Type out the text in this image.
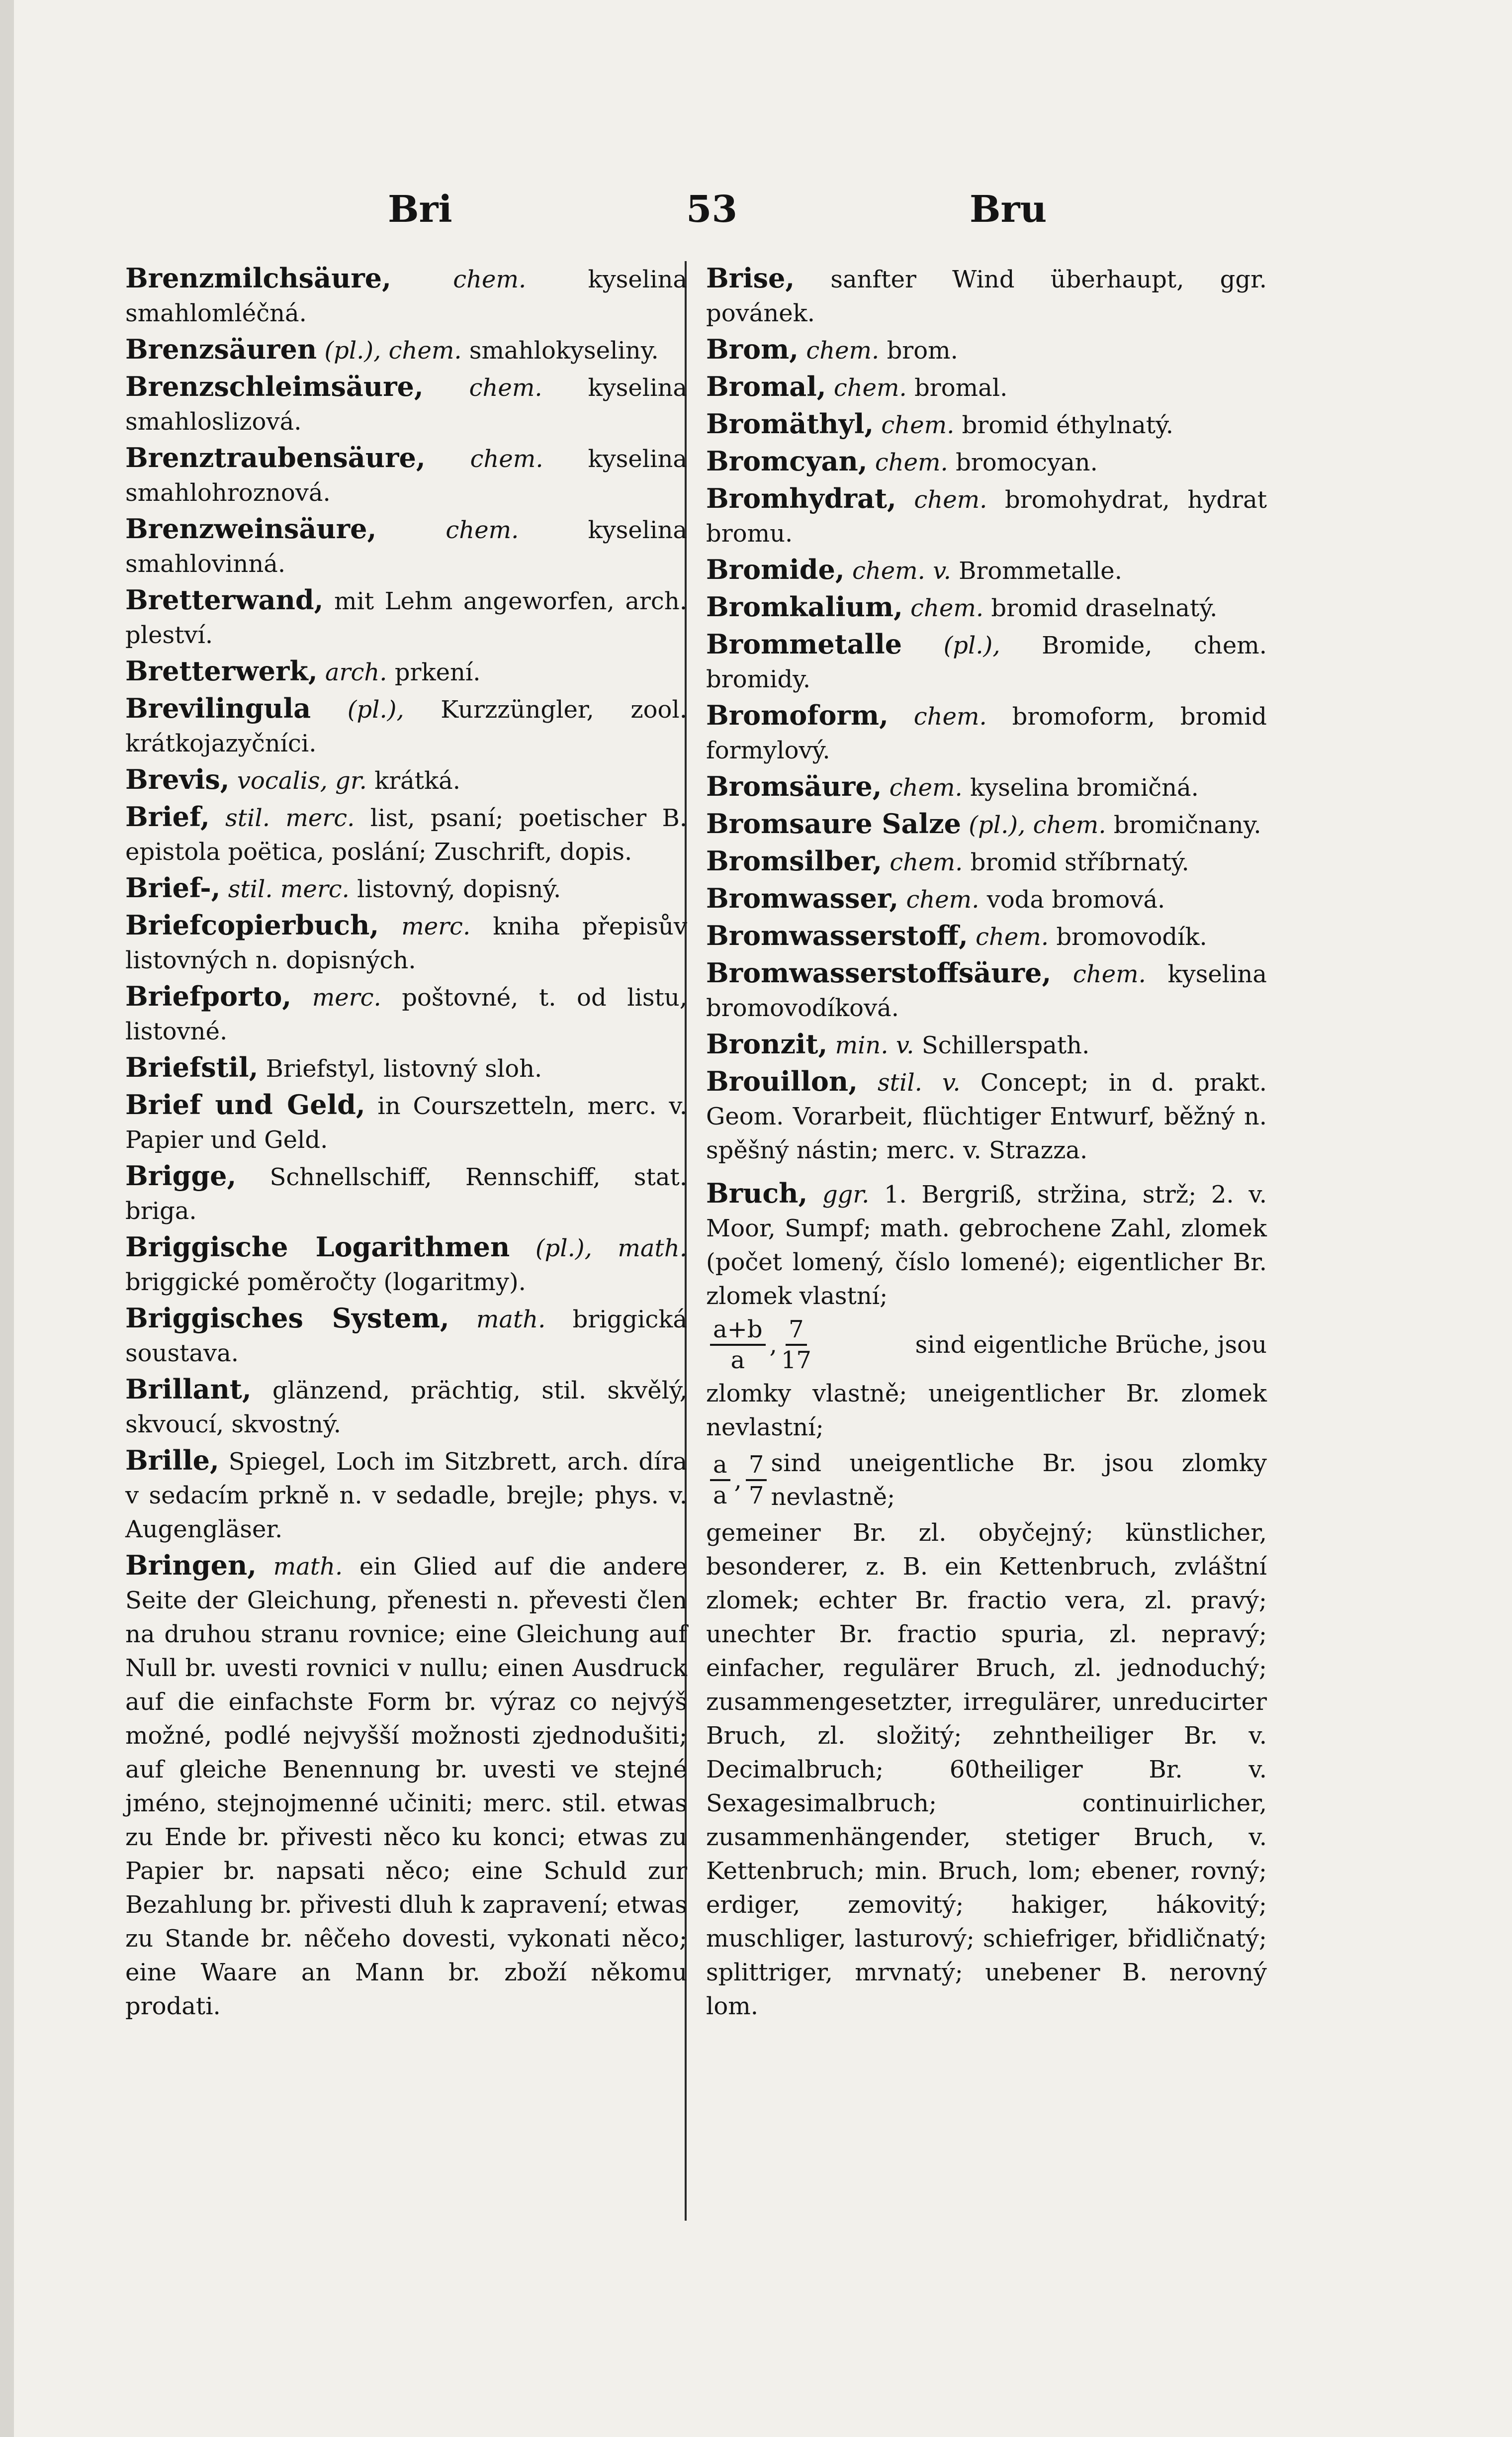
Bri	53	Bru
Brenzmilchsäure,	chem.	kyselina smahlomléčná.
Brenzsäuren (pl.), chem. smahlokyseliny.
Brenzschleimsäure, chem. kyselina smahloslizová.
Brenztraubensäure, chem. kyselina smahlohroznová.
Brenzweinsäure,	chem.	kyselina smahlovinná.
Bretterwand, mit Lehm angeworfen, arch. pleství.
Bretterwerk, arch. prkení.
Brevilingula (pl.), Kurzzüngler, zool. krátkojazyčníci.
Brevis, vocalis, gr. krátká.
Brief, stil. merc. list, psaní; poetischer B. epistola poëtica, poslání; Zuschrift, dopis.
Brief-, stil. merc. listovný, dopisný.
Briefcopierbuch, merc. kniha přepisův listovných n. dopisných.
Briefporto, merc. poštovné, t. od listu, listovné.
Briefstil, Briefstyl, listovný sloh.
Brief und Geld, in Courszetteln, merc. v. Papier und Geld.
Brigge, Schnellschiff, Rennschiff, stat. briga.
Briggische Logarithmen (pl.), math. briggické poměročty (logaritmy).
Briggisches System, math. briggická soustava.
Brillant, glänzend, prächtig, stil. skvělý, skvoucí, skvostný.
Brille, Spiegel, Loch im Sitzbrett, arch. díra v sedacím prkně n. v sedadle, brejle; phys. v. Augengläser.
Bringen, math. ein Glied auf die andere Seite der Gleichung, přenesti n. převesti člen na druhou stranu rovnice; eine Gleichung auf Null br. uvesti rovnici v nullu; einen Ausdruck auf die einfachste Form br. výraz co nejvýš možné, podlé nejvyšší možnosti zjednodušiti; auf gleiche Benennung br. uvesti ve stejné jméno, stejnojmenné učiniti; merc. stil. etwas zu Ende br. přivesti něco ku konci; etwas zu Papier br. napsati něco; eine Schuld zur Bezahlung br. přivesti dluh k zapravení; etwas zu Stande br. nêčeho dovesti, vykonati něco; eine Waare an Mann br. zboží někomu prodati.
Brise, sanfter Wind überhaupt, ggr. povánek.
Brom, chem. brom.
Bromal, chem. bromal.
Bromäthyl, chem. bromid éthylnatý.
Bromcyan, chem. bromocyan.
Bromhydrat, chem. bromohydrat, hydrat bromu.
Bromide, chem. v. Brommetalle.
Bromkalium, chem. bromid draselnatý.
Brommetalle (pl.), Bromide, chem. bromidy.
Bromoform, chem. bromoform, bromid formylový.
Bromsäure, chem. kyselina bromičná.
Bromsaure Salze (pl.), chem. bromičnany.
Bromsilber, chem. bromid stříbrnatý.
Bromwasser, chem. voda bromová.
Bromwasserstoff, chem. bromovodík.
Bromwasserstoffsäure, chem. kyselina bromovodíková.
Bronzit, min. v. Schillerspath.
Brouillon, stil. v. Concept; in d. prakt. Geom. Vorarbeit, flüchtiger Entwurf, běžný n. spěšný nástin; merc. v. Strazza.
Bruch, ggr. 1. Bergriß, stržina, strž; 2. v. Moor, Sumpf; math. gebrochene Zahl, zlomek (počet lomený, číslo lomené); eigentlicher Br. zlomek vlastní;
$\frac{a+b}{a}$ , $\frac{7}{17}$	sind eigentliche Brüche, jsou
zlomky vlastně; uneigentlicher Br. zlomek nevlastní;
$\frac{a}{a}$ , $\frac{7}{7}$ sind uneigentliche Br. jsou zlomky nevlastně;
gemeiner Br. zl. obyčejný; künstlicher, besonderer, z. B. ein Kettenbruch, zvláštní zlomek; echter Br. fractio vera, zl. pravý; unechter Br. fractio spuria, zl. nepravý; einfacher, regulärer Bruch, zl. jednoduchý; zusammengesetzter, irregulärer, unreducirter Bruch, zl. složitý; zehntheiliger Br. v. Decimalbruch; 60theiliger Br. v. Sexagesimalbruch; continuirlicher, zusammenhängender, stetiger Bruch, v. Kettenbruch; min. Bruch, lom; ebener, rovný; erdiger, zemovitý; hakiger, hákovitý; muschliger, lasturový; schiefriger, břidličnatý; splittriger, mrvnatý; unebener B. nerovný lom.
